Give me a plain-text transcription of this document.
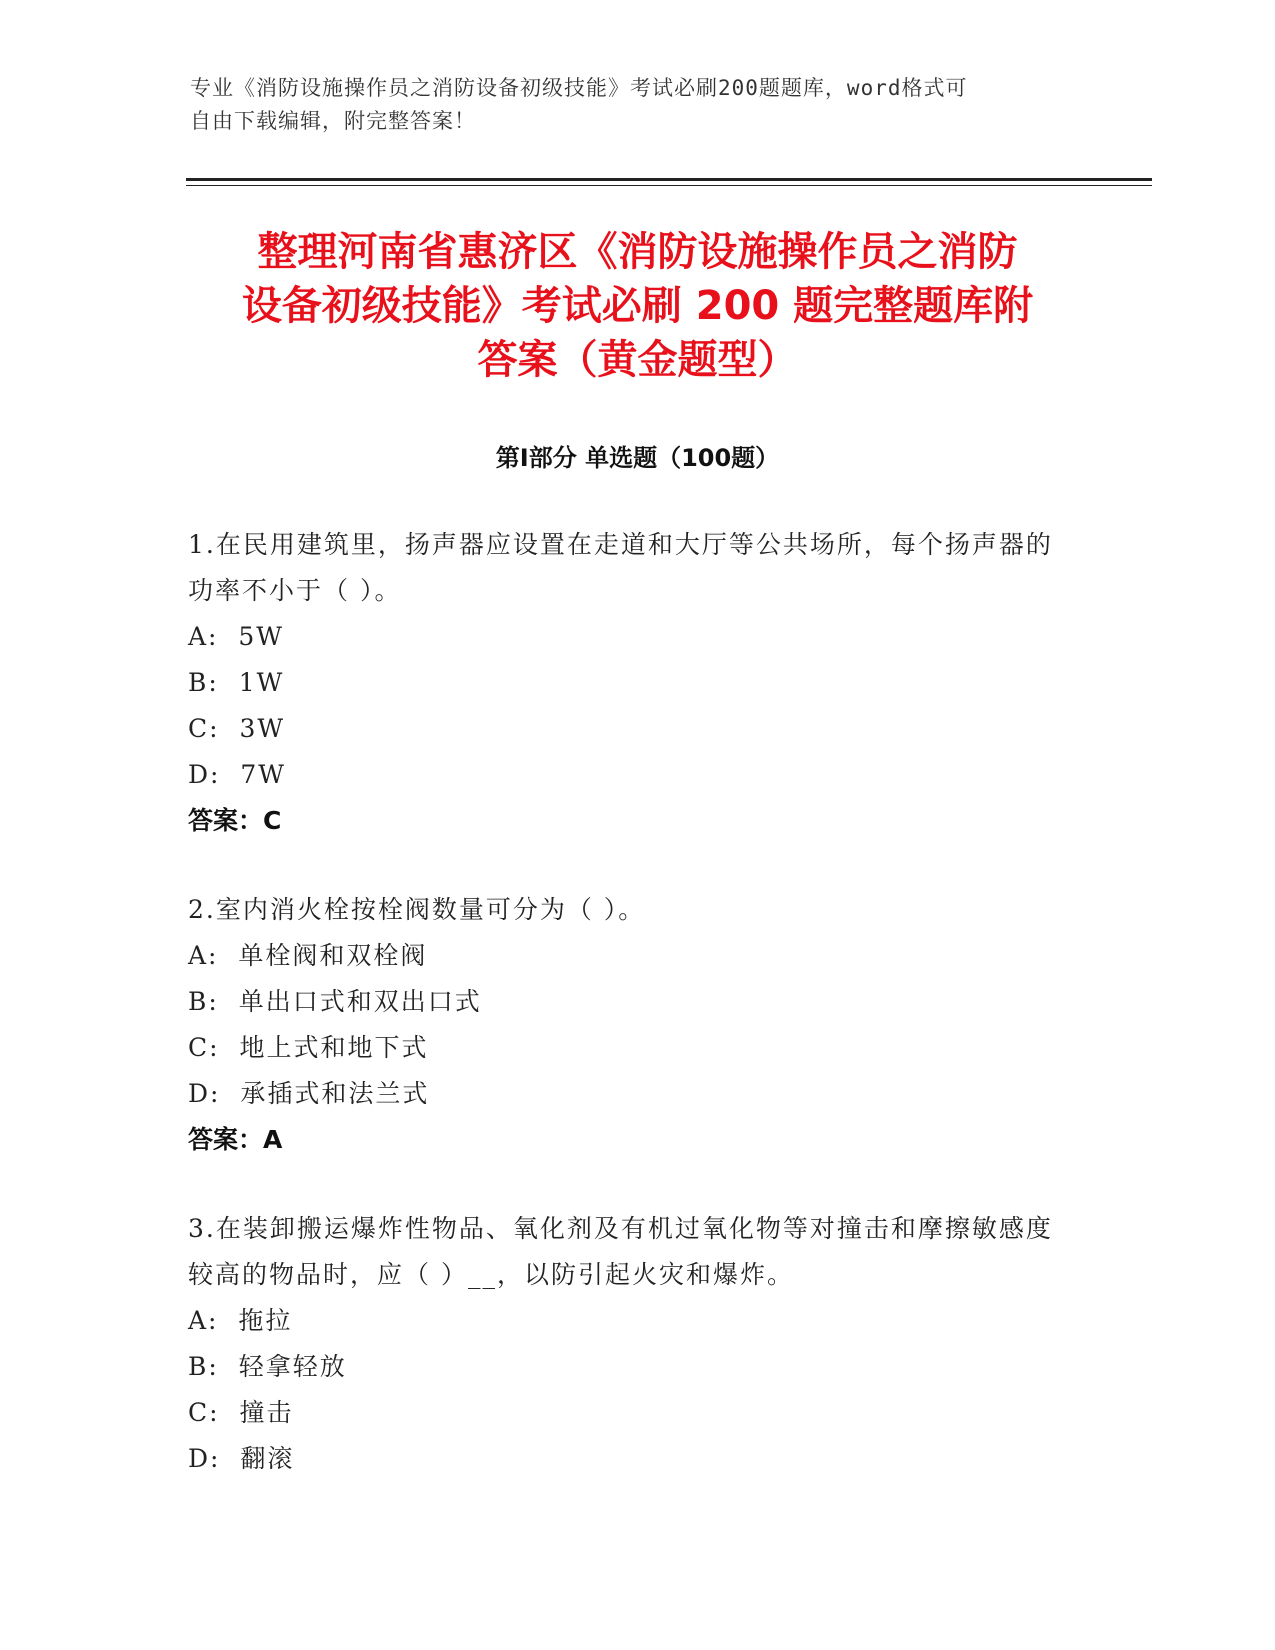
专业《消防设施操作员之消防设备初级技能》考试必刷200题题库，word格式可
自由下载编辑，附完整答案！
整理河南省惠济区《消防设施操作员之消防
设备初级技能》考试必刷 200 题完整题库附
答案（黄金题型）
第Ⅰ部分 单选题（100题）

1.在民用建筑里，扬声器应设置在走道和大厅等公共场所，每个扬声器的功率不小于（ ）。

A:  5W

B:  1W

C:  3W

D:  7W

答案：C

2.室内消火栓按栓阀数量可分为（ ）。

A:  单栓阀和双栓阀

B:  单出口式和双出口式

C:  地上式和地下式

D:  承插式和法兰式

答案：A

3.在装卸搬运爆炸性物品、氧化剂及有机过氧化物等对撞击和摩擦敏感度较高的物品时，应（ ）__，以防引起火灾和爆炸。

A:  拖拉

B:  轻拿轻放

C:  撞击

D:  翻滚
